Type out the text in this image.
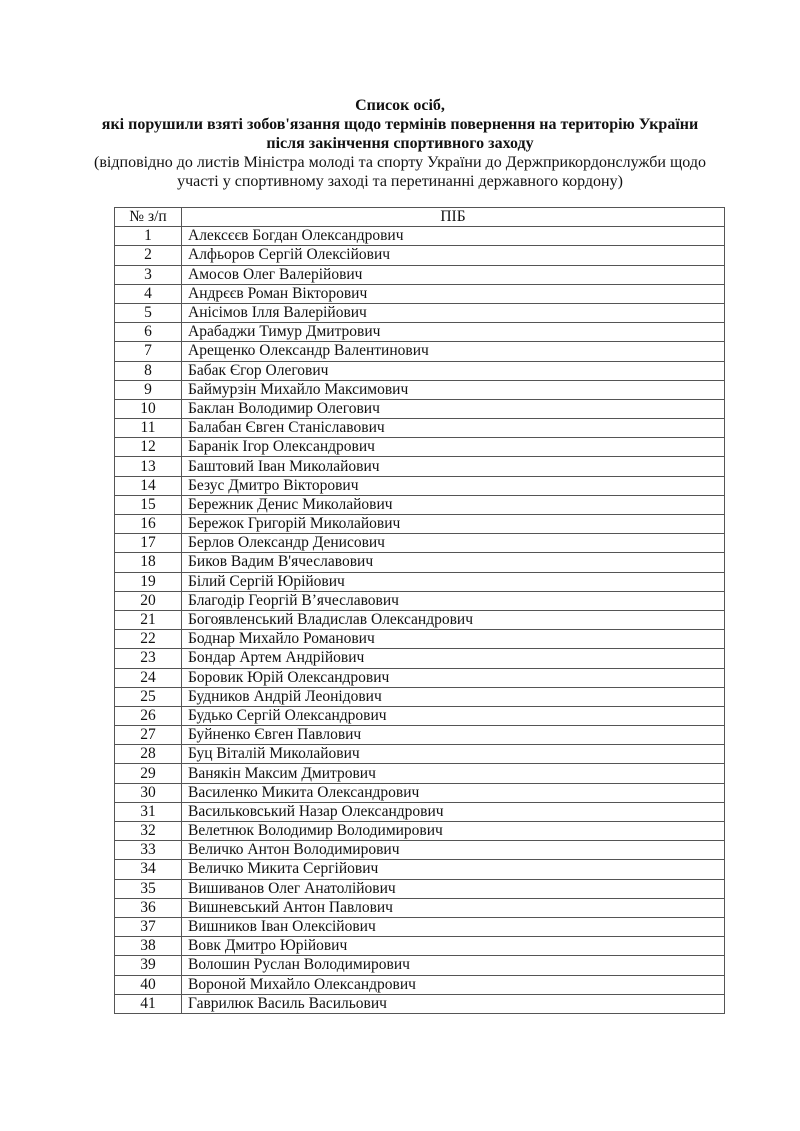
Список осіб,
які порушили взяті зобов'язання щодо термінів повернення на територію України
після закінчення спортивного заходу
(відповідно до листів Міністра молоді та спорту України до Держприкордонслужби щодо
участі у спортивному заході та перетинанні державного кордону)
№ з/п	ПІБ
1	Алексєєв Богдан Олександрович
2	Алфьоров Сергій Олексійович
3	Амосов Олег Валерійович
4	Андрєєв Роман Вікторович
5	Анісімов Ілля Валерійович
6	Арабаджи Тимур Дмитрович
7	Арещенко Олександр Валентинович
8	Бабак Єгор Олегович
9	Баймурзін Михайло Максимович
10	Баклан Володимир Олегович
11	Балабан Євген Станіславович
12	Баранік Ігор Олександрович
13	Баштовий Іван Миколайович
14	Безус Дмитро Вікторович
15	Бережник Денис Миколайович
16	Бережок Григорій Миколайович
17	Берлов Олександр Денисович
18	Биков Вадим В'ячеславович
19	Білий Сергій Юрійович
20	Благодір Георгій В’ячеславович
21	Богоявленський Владислав Олександрович
22	Боднар Михайло Романович
23	Бондар Артем Андрійович
24	Боровик Юрій Олександрович
25	Будников Андрій Леонідович
26	Будько Сергій Олександрович
27	Буйненко Євген Павлович
28	Буц Віталій Миколайович
29	Ванякін Максим Дмитрович
30	Василенко Микита Олександрович
31	Васильковський Назар Олександрович
32	Велетнюк Володимир Володимирович
33	Величко Антон Володимирович
34	Величко Микита Сергійович
35	Вишиванов Олег Анатолійович
36	Вишневський Антон Павлович
37	Вишников Іван Олексійович
38	Вовк Дмитро Юрійович
39	Волошин Руслан Володимирович
40	Вороной Михайло Олександрович
41	Гаврилюк Василь Васильович
